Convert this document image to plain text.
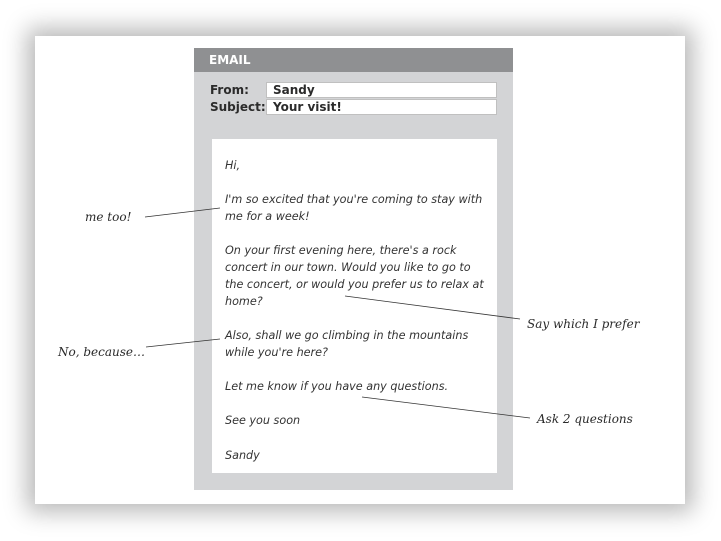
EMAIL
From:	Sandy
Subject: Your visit!

Hi,

I'm so excited that you're coming to stay with me for a week!

On your first evening here, there's a rock concert in our town. Would you like to go to the concert, or would you prefer us to relax at home?

Also, shall we go climbing in the mountains while you're here?

Let me know if you have any questions.

See you soon

Sandy

me too!
No, because…
Say which I prefer
Ask 2 questions
